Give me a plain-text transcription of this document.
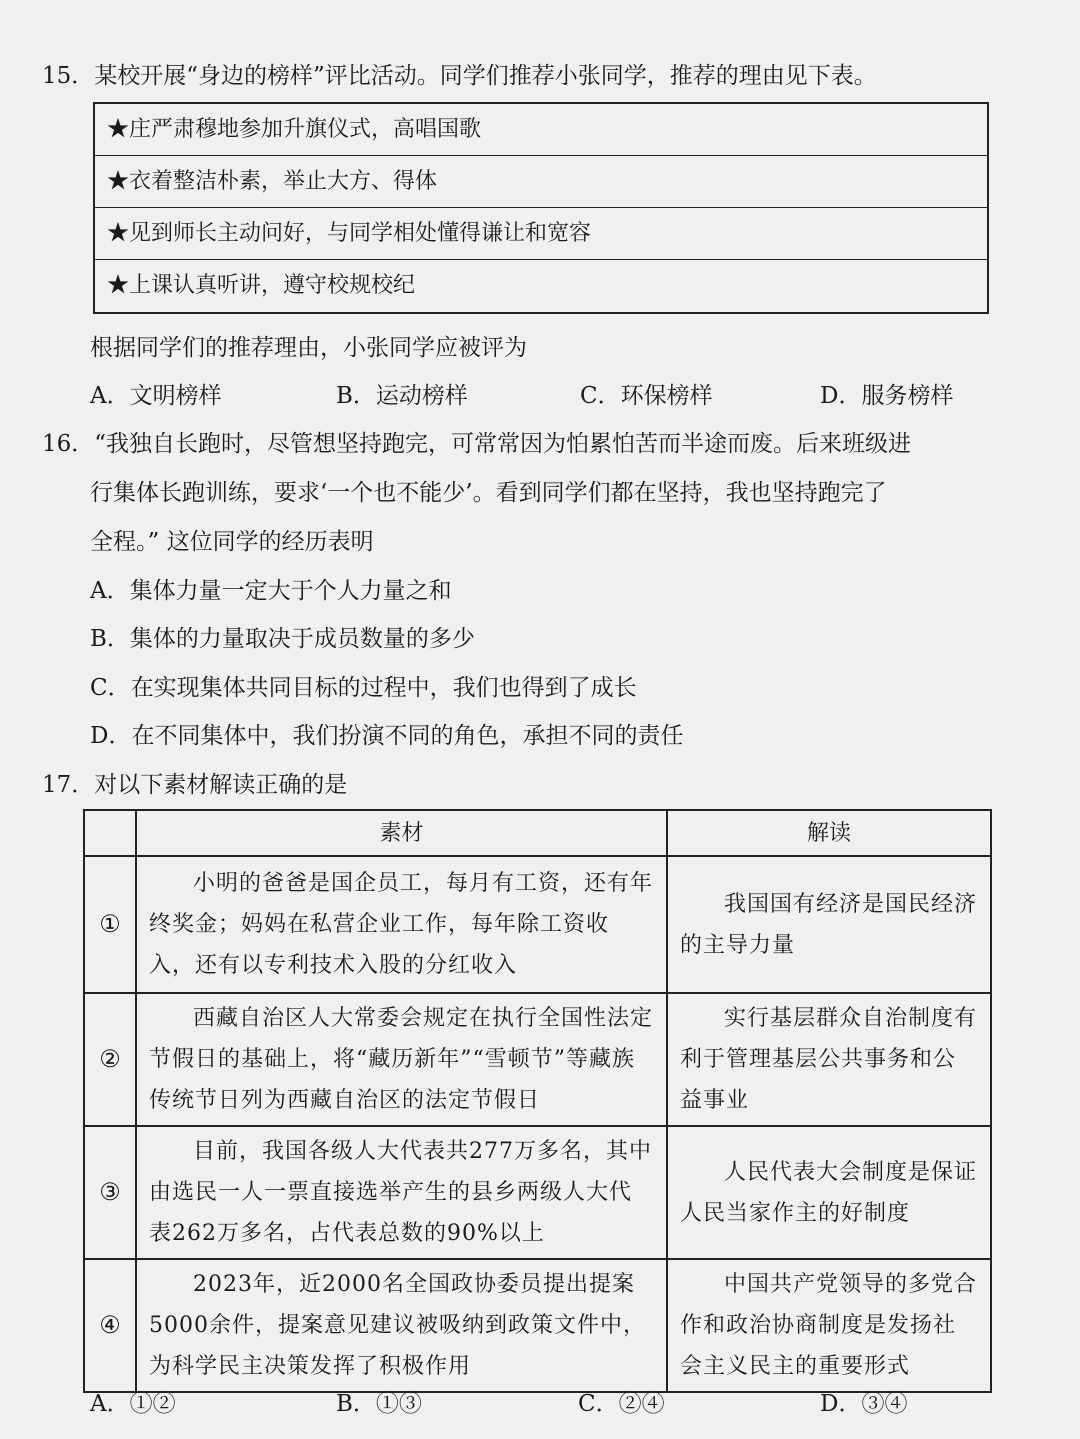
15．某校开展“身边的榜样”评比活动。同学们推荐小张同学，推荐的理由见下表。
★庄严肃穆地参加升旗仪式，高唱国歌
★衣着整洁朴素，举止大方、得体
★见到师长主动问好，与同学相处懂得谦让和宽容
★上课认真听讲，遵守校规校纪
根据同学们的推荐理由，小张同学应被评为
A．文明榜样	B．运动榜样	C．环保榜样	D．服务榜样
16．“我独自长跑时，尽管想坚持跑完，可常常因为怕累怕苦而半途而废。后来班级进
行集体长跑训练，要求‘一个也不能少’。看到同学们都在坚持，我也坚持跑完了
全程。” 这位同学的经历表明
A．集体力量一定大于个人力量之和
B．集体的力量取决于成员数量的多少
C．在实现集体共同目标的过程中，我们也得到了成长
D．在不同集体中，我们扮演不同的角色，承担不同的责任
17．对以下素材解读正确的是
	素材	解读
①	小明的爸爸是国企员工，每月有工资，还有年终奖金；妈妈在私营企业工作，每年除工资收入，还有以专利技术入股的分红收入	我国国有经济是国民经济的主导力量
②	西藏自治区人大常委会规定在执行全国性法定节假日的基础上，将“藏历新年”“雪顿节”等藏族传统节日列为西藏自治区的法定节假日	实行基层群众自治制度有利于管理基层公共事务和公益事业
③	目前，我国各级人大代表共277万多名，其中由选民一人一票直接选举产生的县乡两级人大代表262万多名，占代表总数的90%以上	人民代表大会制度是保证人民当家作主的好制度
④	2023年，近2000名全国政协委员提出提案5000余件，提案意见建议被吸纳到政策文件中，为科学民主决策发挥了积极作用	中国共产党领导的多党合作和政治协商制度是发扬社会主义民主的重要形式
A．①②	B．①③	C．②④	D．③④
